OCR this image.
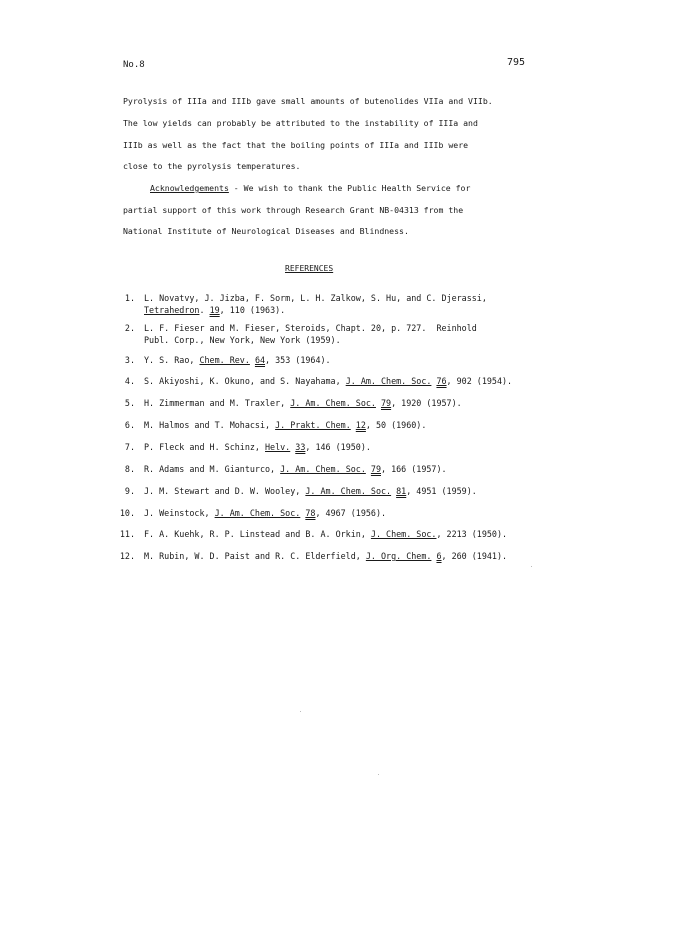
No.8	795
Pyrolysis of IIIa and IIIb gave small amounts of butenolides VIIa and VIIb.
The low yields can probably be attributed to the instability of IIIa and
IIIb as well as the fact that the boiling points of IIIa and IIIb were
close to the pyrolysis temperatures.
Acknowledgements - We wish to thank the Public Health Service for
partial support of this work through Research Grant NB-04313 from the
National Institute of Neurological Diseases and Blindness.
REFERENCES
1. L. Novatvy, J. Jizba, F. Sorm, L. H. Zalkow, S. Hu, and C. Djerassi,
Tetrahedron. 19, 110 (1963).
2. L. F. Fieser and M. Fieser, Steroids, Chapt. 20, p. 727.  Reinhold
Publ. Corp., New York, New York (1959).
3. Y. S. Rao, Chem. Rev. 64, 353 (1964).
4. S. Akiyoshi, K. Okuno, and S. Nayahama, J. Am. Chem. Soc. 76, 902 (1954).
5. H. Zimmerman and M. Traxler, J. Am. Chem. Soc. 79, 1920 (1957).
6. M. Halmos and T. Mohacsi, J. Prakt. Chem. 12, 50 (1960).
7. P. Fleck and H. Schinz, Helv. 33, 146 (1950).
8. R. Adams and M. Gianturco, J. Am. Chem. Soc. 79, 166 (1957).
9. J. M. Stewart and D. W. Wooley, J. Am. Chem. Soc. 81, 4951 (1959).
10. J. Weinstock, J. Am. Chem. Soc. 78, 4967 (1956).
11. F. A. Kuehk, R. P. Linstead and B. A. Orkin, J. Chem. Soc., 2213 (1950).
12. M. Rubin, W. D. Paist and R. C. Elderfield, J. Org. Chem. 6, 260 (1941).
